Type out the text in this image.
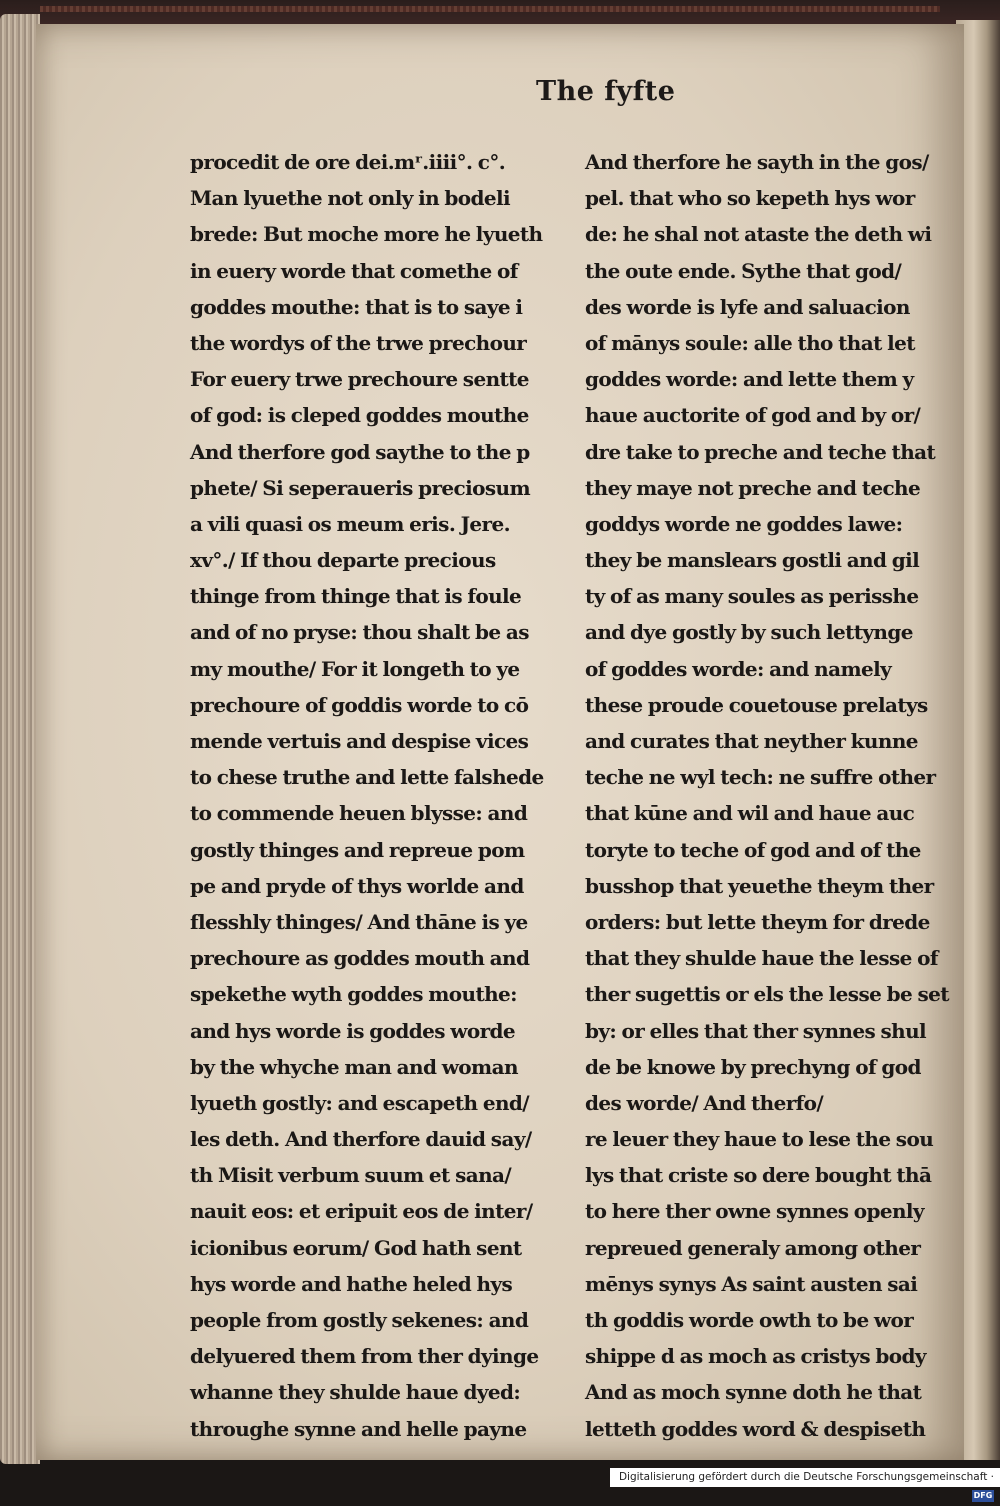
The fyfte
procedit de ore dei.mʳ.iiii°. c°.
Man lyuethe not only in bodeli
brede: But moche more he lyueth
in euery worde that comethe of
goddes mouthe: that is to saye i
the wordys of the trwe prechour
For euery trwe prechoure sentte
of god: is cleped goddes mouthe
And therfore god saythe to the p
phete/ Si seperaueris preciosum
a vili quasi os meum eris. Jere.
xv°./ If thou departe precious
thinge from thinge that is foule
and of no pryse: thou shalt be as
my mouthe/ For it longeth to ye
prechoure of goddis worde to cō
mende vertuis and despise vices
to chese truthe and lette falshede
to commende heuen blysse: and
gostly thinges and repreue pom
pe and pryde of thys worlde and
flesshly thinges/ And thāne is ye
prechoure as goddes mouth and
spekethe wyth goddes mouthe:
and hys worde is goddes worde
by the whyche man and woman
lyueth gostly: and escapeth end/
les deth. And therfore dauid say/
th Misit verbum suum et sana/
nauit eos: et eripuit eos de inter/
icionibus eorum/ God hath sent
hys worde and hathe heled hys
people from gostly sekenes: and
delyuered them from ther dyinge
whanne they shulde haue dyed:
throughe synne and helle payne
And therfore he sayth in the gos/
pel. that who so kepeth hys wor
de: he shal not ataste the deth wi
the oute ende. Sythe that god/
des worde is lyfe and saluacion
of mānys soule: alle tho that let
goddes worde: and lette them y
haue auctorite of god and by or/
dre take to preche and teche that
they maye not preche and teche
goddys worde ne goddes lawe:
they be manslears gostli and gil
ty of as many soules as perisshe
and dye gostly by such lettynge
of goddes worde: and namely
these proude couetouse prelatys
and curates that neyther kunne
teche ne wyl tech: ne suffre other
that kūne and wil and haue auc
toryte to teche of god and of the
busshop that yeuethe theym ther
orders: but lette theym for drede
that they shulde haue the lesse of
ther sugettis or els the lesse be set
by: or elles that ther synnes shul
de be knowe by prechyng of god
des worde/ And therfo/
re leuer they haue to lese the sou
lys that criste so dere bought thā
to here ther owne synnes openly
repreued generaly among other
mēnys synys As saint austen sai
th goddis worde owth to be wor
shippe d as moch as cristys body
And as moch synne doth he that
letteth goddes word & despiseth
Digitalisierung gefördert durch die Deutsche Forschungsgemeinschaft ·DFG
